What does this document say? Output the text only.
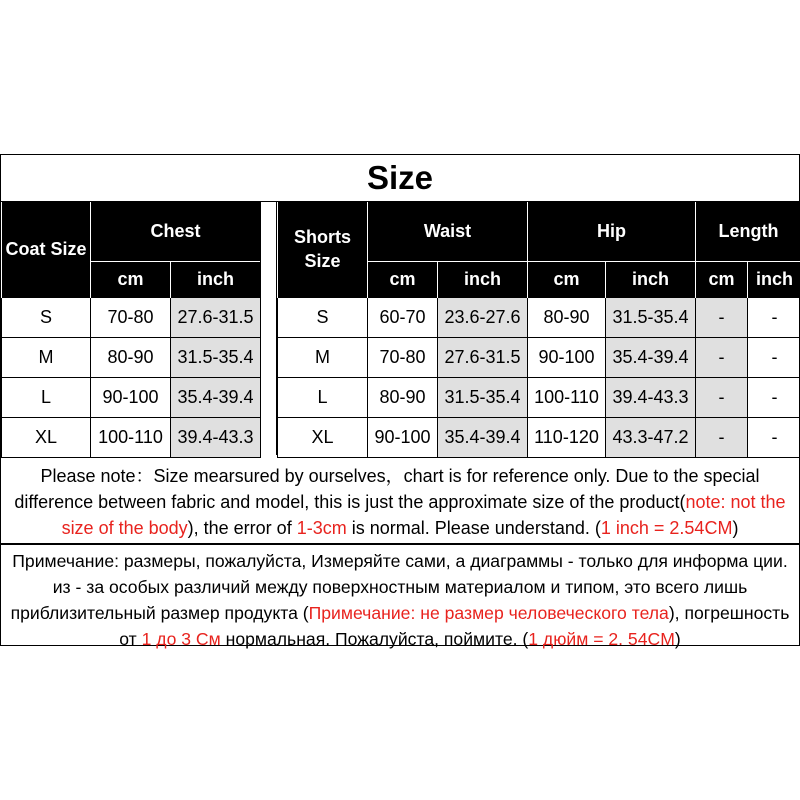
Size
Coat Size	Chest	
	cm	inch
S	70-80	27.6-31.5
M	80-90	31.5-35.4
L	90-100	35.4-39.4
XL	100-110	39.4-43.3
Shorts Size	Waist		Hip		Length	
	cm	inch	cm	inch	cm	inch
S	60-70	23.6-27.6	80-90	31.5-35.4	-	-
M	70-80	27.6-31.5	90-100	35.4-39.4	-	-
L	80-90	31.5-35.4	100-110	39.4-43.3	-	-
XL	90-100	35.4-39.4	110-120	43.3-47.2	-	-
Please note：Size mearsured by ourselves，chart is for reference only. Due to the special difference between fabric and model, this is just the approximate size of the product(note: not the size of the body), the error of 1-3cm is normal. Please understand. (1 inch = 2.54CM)
Примечание: размеры, пожалуйста, Измеряйте сами, а диаграммы - только для информа ции. из - за особых различий между поверхностным материалом и типом, это всего лишь приблизительный размер продукта (Примечание: не размер человеческого тела), погрешность от 1 до 3 См нормальная. Пожалуйста, поймите. (1 дюйм = 2. 54CM)
